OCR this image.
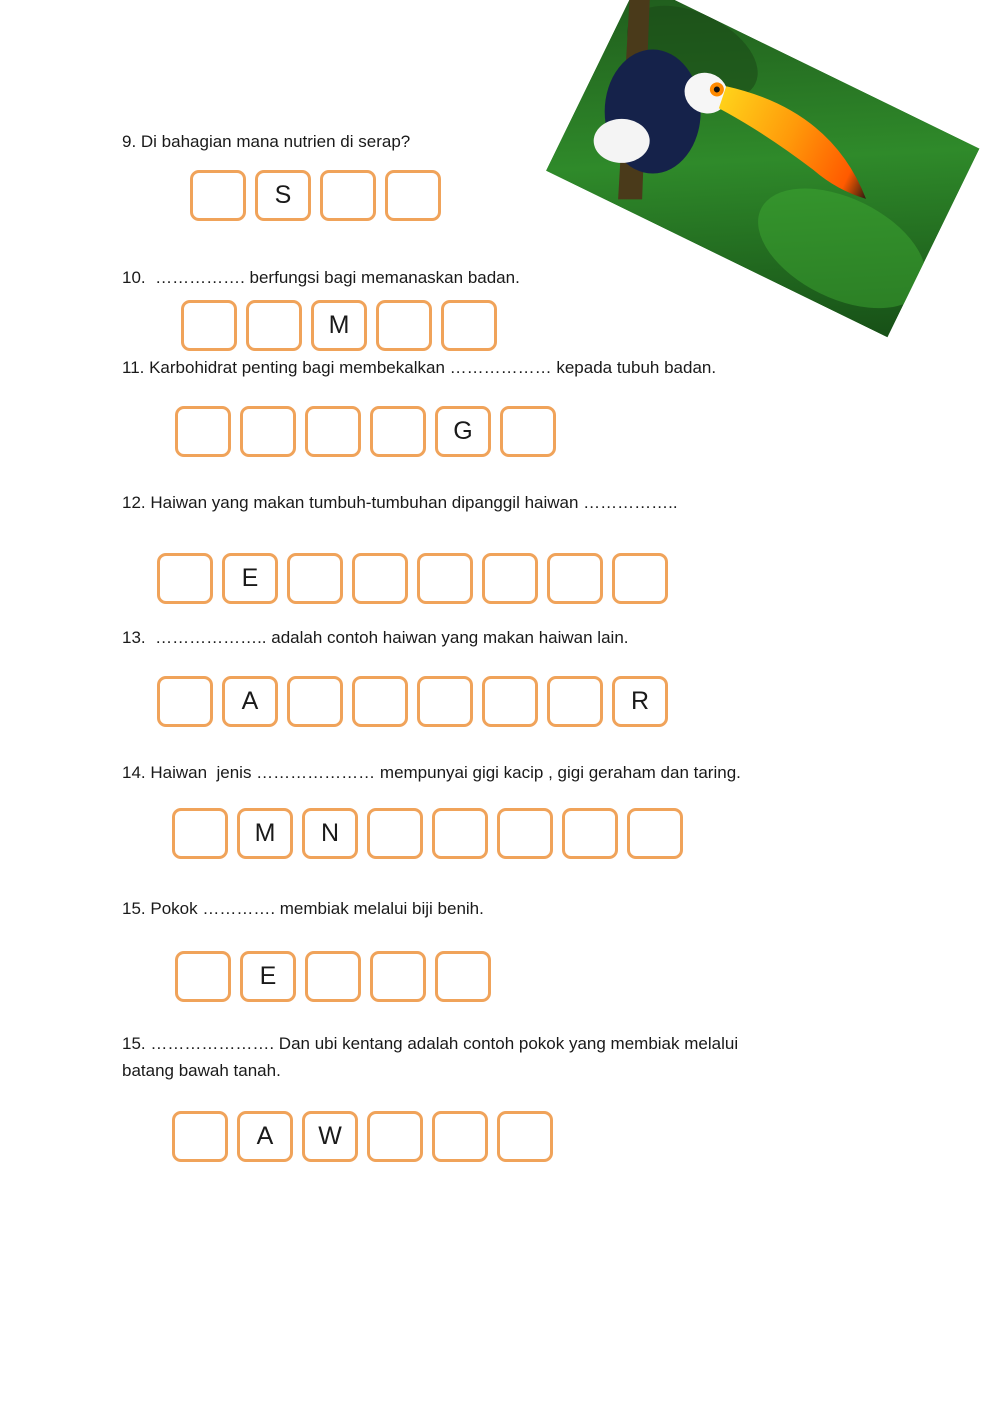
9. Di bahagian mana nutrien di serap?
S
10.  ……………. berfungsi bagi memanaskan badan.
M
11. Karbohidrat penting bagi membekalkan ……………… kepada tubuh badan.
G
12. Haiwan yang makan tumbuh-tumbuhan dipanggil haiwan ……………..
E
13.  ……………….. adalah contoh haiwan yang makan haiwan lain.
A	R
14. Haiwan  jenis ………………… mempunyai gigi kacip , gigi geraham dan taring.
M	N
15. Pokok …………. membiak melalui biji benih.
E
15. …………………. Dan ubi kentang adalah contoh pokok yang membiak melalui batang bawah tanah.
A	W
